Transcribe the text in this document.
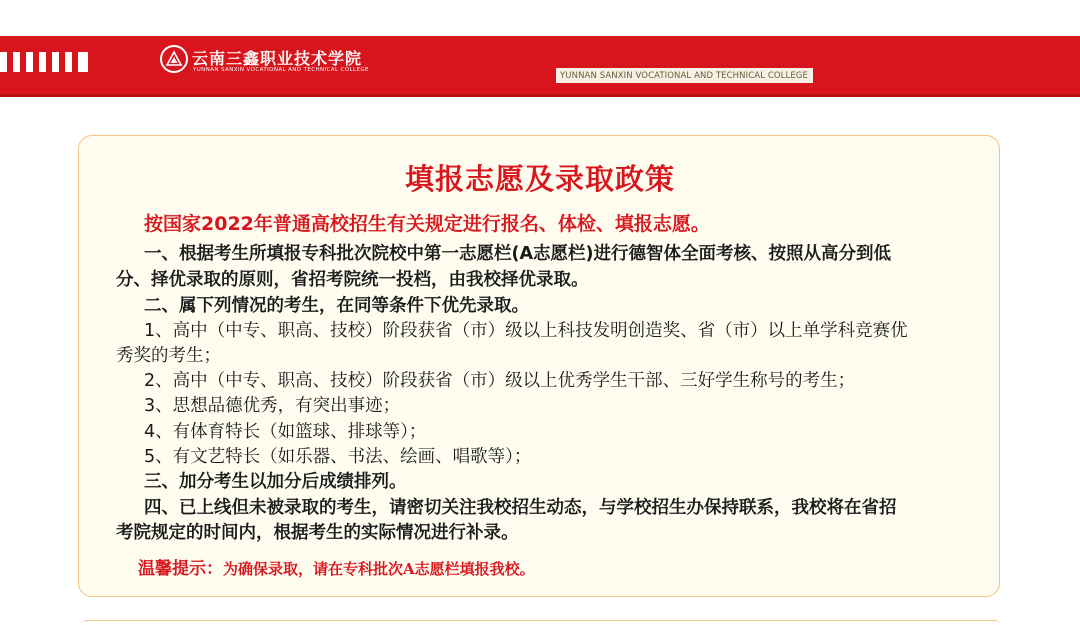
云南三鑫职业技术学院
YUNNAN SANXIN VOCATIONAL AND TECHNICAL COLLEGE
YUNNAN SANXIN VOCATIONAL AND TECHNICAL COLLEGE
填报志愿及录取政策
按国家2022年普通高校招生有关规定进行报名、体检、填报志愿。
一、根据考生所填报专科批次院校中第一志愿栏(A志愿栏)进行德智体全面考核、按照从高分到低
分、择优录取的原则，省招考院统一投档，由我校择优录取。
二、属下列情况的考生，在同等条件下优先录取。
1、高中（中专、职高、技校）阶段获省（市）级以上科技发明创造奖、省（市）以上单学科竞赛优
秀奖的考生；
2、高中（中专、职高、技校）阶段获省（市）级以上优秀学生干部、三好学生称号的考生；
3、思想品德优秀，有突出事迹；
4、有体育特长（如篮球、排球等）；
5、有文艺特长（如乐器、书法、绘画、唱歌等）；
三、加分考生以加分后成绩排列。
四、已上线但未被录取的考生，请密切关注我校招生动态，与学校招生办保持联系，我校将在省招
考院规定的时间内，根据考生的实际情况进行补录。
温馨提示：为确保录取，请在专科批次A志愿栏填报我校。
